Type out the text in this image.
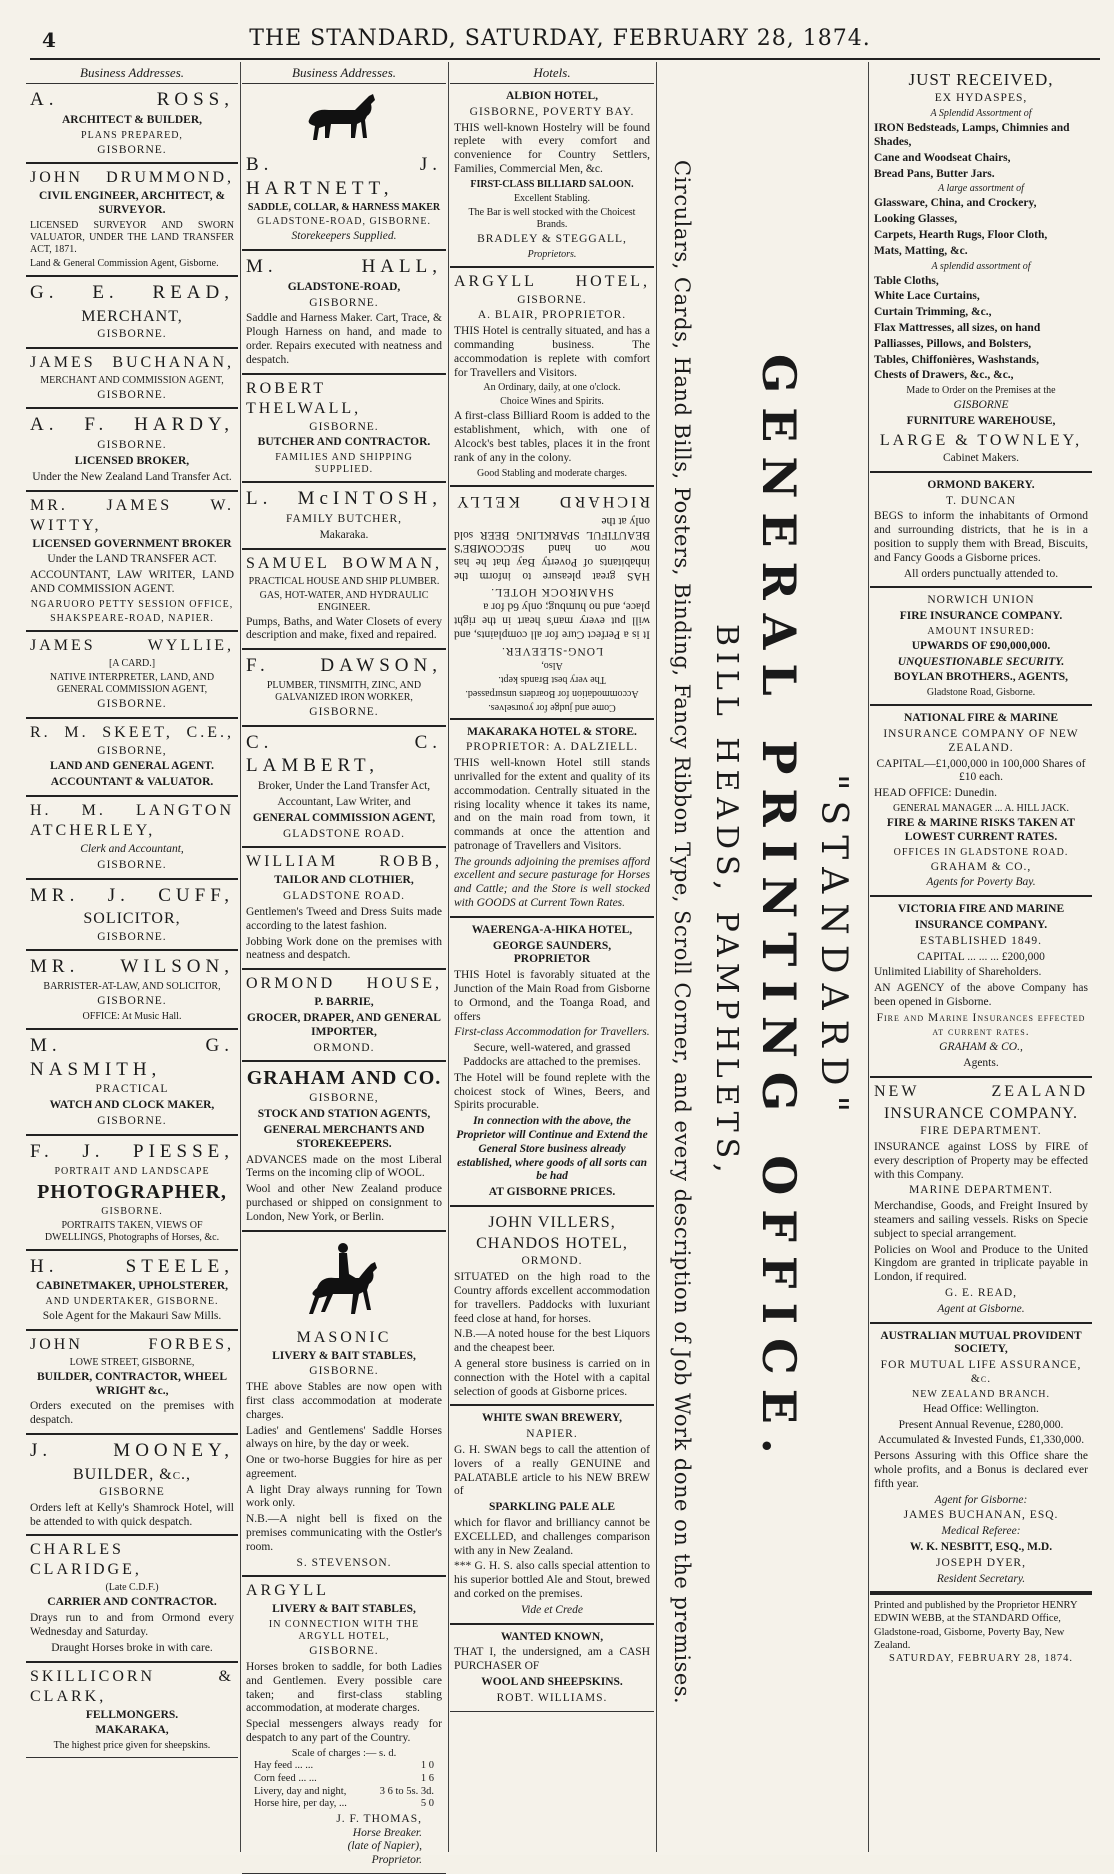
4	THE STANDARD, SATURDAY, FEBRUARY 28, 1874.
Business Addresses.
A. ROSS,
ARCHITECT & BUILDER,
PLANS PREPARED,
GISBORNE.
JOHN DRUMMOND,
CIVIL ENGINEER, ARCHITECT, & SURVEYOR.
LICENSED SURVEYOR AND SWORN VALUATOR, UNDER THE LAND TRANSFER ACT, 1871.
Land & General Commission Agent, Gisborne.
G. E. READ,
MERCHANT,
GISBORNE.
JAMES BUCHANAN,
MERCHANT AND COMMISSION AGENT,
GISBORNE.
A. F. HARDY,
GISBORNE.
LICENSED BROKER,
Under the New Zealand Land Transfer Act.
MR. JAMES W. WITTY,
LICENSED GOVERNMENT BROKER
Under the LAND TRANSFER ACT.
ACCOUNTANT, LAW WRITER, LAND AND COMMISSION AGENT.
NGARUORO PETTY SESSION OFFICE,
SHAKSPEARE-ROAD, NAPIER.
JAMES WYLLIE,
[A CARD.]
NATIVE INTERPRETER, LAND, AND GENERAL COMMISSION AGENT,
GISBORNE.
R. M. SKEET, C.E.,
GISBORNE,
LAND AND GENERAL AGENT.
ACCOUNTANT & VALUATOR.
H. M. LANGTON ATCHERLEY,
Clerk and Accountant,
GISBORNE.
MR. J. CUFF,
SOLICITOR,
GISBORNE.
MR. WILSON,
BARRISTER-AT-LAW, AND SOLICITOR,
GISBORNE.
OFFICE: At Music Hall.
M. G. NASMITH,
PRACTICAL
WATCH AND CLOCK MAKER,
GISBORNE.
F. J. PIESSE,
PORTRAIT AND LANDSCAPE
PHOTOGRAPHER,
GISBORNE.
PORTRAITS TAKEN, VIEWS OF DWELLINGS, Photographs of Horses, &c.
H. STEELE,
CABINETMAKER, UPHOLSTERER,
AND UNDERTAKER, GISBORNE.
Sole Agent for the Makauri Saw Mills.
JOHN FORBES,
LOWE STREET, GISBORNE,
BUILDER, CONTRACTOR, WHEEL WRIGHT &c.,
Orders executed on the premises with despatch.
J. MOONEY,
BUILDER, &c.,
GISBORNE
Orders left at Kelly's Shamrock Hotel, will be attended to with quick despatch.
CHARLES CLARIDGE,
(Late C.D.F.)
CARRIER AND CONTRACTOR.
Drays run to and from Ormond every Wednesday and Saturday.
Draught Horses broke in with care.
SKILLICORN & CLARK,
FELLMONGERS.
MAKARAKA,
The highest price given for sheepskins.
Business Addresses.
B. J. HARTNETT,
SADDLE, COLLAR, & HARNESS MAKER
GLADSTONE-ROAD, GISBORNE.
Storekeepers Supplied.
M. HALL,
GLADSTONE-ROAD,
GISBORNE.
Saddle and Harness Maker. Cart, Trace, & Plough Harness on hand, and made to order. Repairs executed with neatness and despatch.
ROBERT THELWALL,
GISBORNE.
BUTCHER AND CONTRACTOR.
FAMILIES AND SHIPPING SUPPLIED.
L. McINTOSH,
FAMILY BUTCHER,
Makaraka.
SAMUEL BOWMAN,
PRACTICAL HOUSE AND SHIP PLUMBER.
GAS, HOT-WATER, AND HYDRAULIC ENGINEER.
Pumps, Baths, and Water Closets of every description and make, fixed and repaired.
F. DAWSON,
PLUMBER, TINSMITH, ZINC, AND GALVANIZED IRON WORKER,
GISBORNE.
C. C. LAMBERT,
Broker, Under the Land Transfer Act,
Accountant, Law Writer, and
GENERAL COMMISSION AGENT,
GLADSTONE ROAD.
WILLIAM ROBB,
TAILOR AND CLOTHIER,
GLADSTONE ROAD.
Gentlemen's Tweed and Dress Suits made according to the latest fashion.
Jobbing Work done on the premises with neatness and despatch.
ORMOND HOUSE,
P. BARRIE,
GROCER, DRAPER, AND GENERAL IMPORTER,
ORMOND.
GRAHAM AND CO.
GISBORNE,
STOCK AND STATION AGENTS,
GENERAL MERCHANTS AND STOREKEEPERS.
ADVANCES made on the most Liberal Terms on the incoming clip of WOOL.
Wool and other New Zealand produce purchased or shipped on consignment to London, New York, or Berlin.
MASONIC
LIVERY & BAIT STABLES,
GISBORNE.
THE above Stables are now open with first class accommodation at moderate charges.
Ladies' and Gentlemens' Saddle Horses always on hire, by the day or week.
One or two-horse Buggies for hire as per agreement.
A light Dray always running for Town work only.
N.B.—A night bell is fixed on the premises communicating with the Ostler's room.
S. STEVENSON.
ARGYLL
LIVERY & BAIT STABLES,
IN CONNECTION WITH THE ARGYLL HOTEL,
GISBORNE.
Horses broken to saddle, for both Ladies and Gentlemen. Every possible care taken; and first-class stabling accommodation, at moderate charges.
Special messengers always ready for despatch to any part of the Country.
Scale of charges :— s. d.
Hay feed ... ...	1 0
Corn feed ... ...	1 6
Livery, day and night,	3 6 to 5s. 3d.
Horse hire, per day, ...	5 0
J. F. THOMAS,
Horse Breaker.
(late of Napier),
Proprietor.
Hotels.
ALBION HOTEL,
GISBORNE, POVERTY BAY.
THIS well-known Hostelry will be found replete with every comfort and convenience for Country Settlers, Families, Commercial Men, &c.
FIRST-CLASS BILLIARD SALOON.
Excellent Stabling.
The Bar is well stocked with the Choicest Brands.
BRADLEY & STEGGALL,
Proprietors.
ARGYLL HOTEL,
GISBORNE.
A. BLAIR, PROPRIETOR.
THIS Hotel is centrally situated, and has a commanding business. The accommodation is replete with comfort for Travellers and Visitors.
An Ordinary, daily, at one o'clock.
Choice Wines and Spirits.
A first-class Billiard Room is added to the establishment, which, with one of Alcock's best tables, places it in the front rank of any in the colony.
Good Stabling and moderate charges.
RICHARD KELLY
HAS great pleasure to inform the inhabitants of Poverty Bay that he has now on hand SECCOMBE'S BEAUTIFUL SPARKLING BEER sold only at the
SHAMROCK HOTEL.
It is a Perfect Cure for all complaints, and will put every man's heart in the right place, and no humbug; only 6d for a
LONG-SLEEVER.
Also,
The very best Brands kept.
Accommodation for Boarders unsurpassed.
Come and judge for yourselves.
MAKARAKA HOTEL & STORE.
PROPRIETOR: A. DALZIELL.
THIS well-known Hotel still stands unrivalled for the extent and quality of its accommodation. Centrally situated in the rising locality whence it takes its name, and on the main road from town, it commands at once the attention and patronage of Travellers and Visitors.
The grounds adjoining the premises afford excellent and secure pasturage for Horses and Cattle; and the Store is well stocked with GOODS at Current Town Rates.
WAERENGA-A-HIKA HOTEL,
GEORGE SAUNDERS, PROPRIETOR
THIS Hotel is favorably situated at the Junction of the Main Road from Gisborne to Ormond, and the Toanga Road, and offers
First-class Accommodation for Travellers.
Secure, well-watered, and grassed Paddocks are attached to the premises.
The Hotel will be found replete with the choicest stock of Wines, Beers, and Spirits procurable.
In connection with the above, the Proprietor will Continue and Extend the General Store business already established, where goods of all sorts can be had
AT GISBORNE PRICES.
JOHN VILLERS,
CHANDOS HOTEL,
ORMOND.
SITUATED on the high road to the Country affords excellent accommodation for travellers. Paddocks with luxuriant feed close at hand, for horses.
N.B.—A noted house for the best Liquors and the cheapest beer.
A general store business is carried on in connection with the Hotel with a capital selection of goods at Gisborne prices.
WHITE SWAN BREWERY,
NAPIER.
G. H. SWAN begs to call the attention of lovers of a really GENUINE and PALATABLE article to his NEW BREW of
SPARKLING PALE ALE
which for flavor and brilliancy cannot be EXCELLED, and challenges comparison with any in New Zealand.
*** G. H. S. also calls special attention to his superior bottled Ale and Stout, brewed and corked on the premises.
Vide et Crede
WANTED KNOWN,
THAT I, the undersigned, am a CASH PURCHASER OF
WOOL AND SHEEPSKINS.
ROBT. WILLIAMS.	Circulars, Cards, Hand Bills, Posters, Binding, Fancy Ribbon Type, Scroll Corner, and every description of Job Work done on the premises. BILL HEADS, PAMPHLETS, GENERAL PRINTING OFFICE. "STANDARD"
JUST RECEIVED,
EX HYDASPES,
A Splendid Assortment of
IRON Bedsteads, Lamps, Chimnies and Shades,
Cane and Woodseat Chairs,
Bread Pans, Butter Jars.
A large assortment of
Glassware, China, and Crockery,
Looking Glasses,
Carpets, Hearth Rugs, Floor Cloth,
Mats, Matting, &c.
A splendid assortment of
Table Cloths,
White Lace Curtains,
Curtain Trimming, &c.,
Flax Mattresses, all sizes, on hand
Palliasses, Pillows, and Bolsters,
Tables, Chiffonières, Washstands,
Chests of Drawers, &c., &c.,
Made to Order on the Premises at the
GISBORNE
FURNITURE WAREHOUSE,
LARGE & TOWNLEY,
Cabinet Makers.
ORMOND BAKERY.
T. DUNCAN
BEGS to inform the inhabitants of Ormond and surrounding districts, that he is in a position to supply them with Bread, Biscuits, and Fancy Goods a Gisborne prices.
All orders punctually attended to.
NORWICH UNION
FIRE INSURANCE COMPANY.
AMOUNT INSURED:
UPWARDS OF £90,000,000.
UNQUESTIONABLE SECURITY.
BOYLAN BROTHERS., AGENTS,
Gladstone Road, Gisborne.
NATIONAL FIRE & MARINE
INSURANCE COMPANY OF NEW ZEALAND.
CAPITAL—£1,000,000 in 100,000 Shares of £10 each.
HEAD OFFICE: Dunedin.
GENERAL MANAGER ... A. HILL JACK.
FIRE & MARINE RISKS TAKEN AT LOWEST CURRENT RATES.
OFFICES IN GLADSTONE ROAD.
GRAHAM & CO.,
Agents for Poverty Bay.
VICTORIA FIRE AND MARINE
INSURANCE COMPANY.
ESTABLISHED 1849.
CAPITAL ... ... ... £200,000
Unlimited Liability of Shareholders.
AN AGENCY of the above Company has been opened in Gisborne.
Fire and Marine Insurances effected at current rates.
GRAHAM & CO.,
Agents.
NEW ZEALAND
INSURANCE COMPANY.
FIRE DEPARTMENT.
INSURANCE against LOSS by FIRE of every description of Property may be effected with this Company.
MARINE DEPARTMENT.
Merchandise, Goods, and Freight Insured by steamers and sailing vessels. Risks on Specie subject to special arrangement.
Policies on Wool and Produce to the United Kingdom are granted in triplicate payable in London, if required.
G. E. READ,
Agent at Gisborne.
AUSTRALIAN MUTUAL PROVIDENT SOCIETY,
FOR MUTUAL LIFE ASSURANCE, &c.
NEW ZEALAND BRANCH.
Head Office: Wellington.
Present Annual Revenue, £280,000.
Accumulated & Invested Funds, £1,330,000.
Persons Assuring with this Office share the whole profits, and a Bonus is declared ever fifth year.
Agent for Gisborne:
JAMES BUCHANAN, ESQ.
Medical Referee:
W. K. NESBITT, ESQ., M.D.
JOSEPH DYER,
Resident Secretary.
Printed and published by the Proprietor HENRY EDWIN WEBB, at the STANDARD Office, Gladstone-road, Gisborne, Poverty Bay, New Zealand.
SATURDAY, FEBRUARY 28, 1874.
